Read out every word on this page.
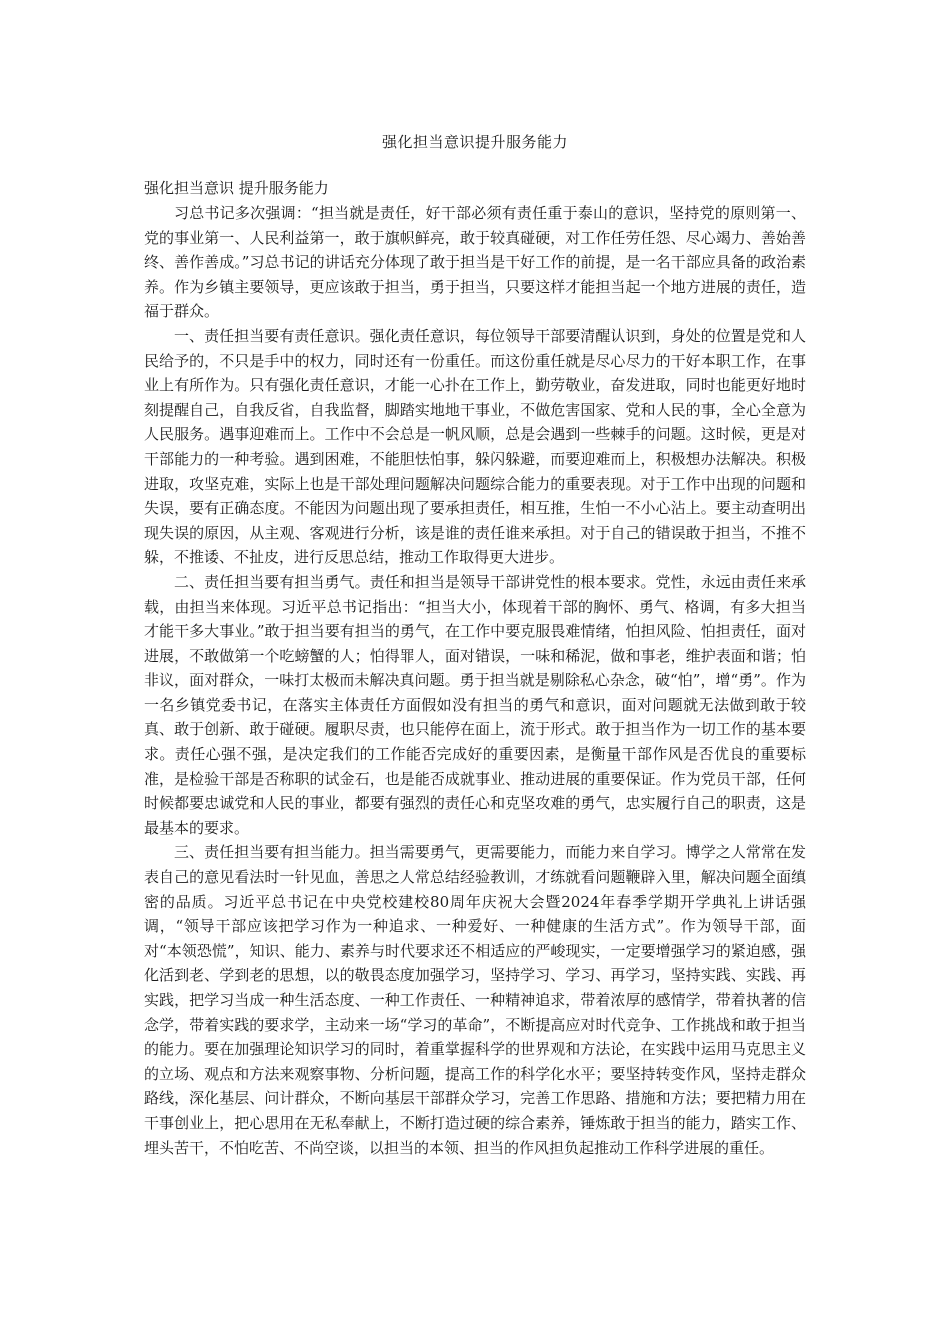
强化担当意识提升服务能力

强化担当意识 提升服务能力

习总书记多次强调：“担当就是责任，好干部必须有责任重于泰山的意识，坚持党的原则第一、党的事业第一、人民利益第一，敢于旗帜鲜亮，敢于较真碰硬，对工作任劳任怨、尽心竭力、善始善终、善作善成。”习总书记的讲话充分体现了敢于担当是干好工作的前提，是一名干部应具备的政治素养。作为乡镇主要领导，更应该敢于担当，勇于担当，只要这样才能担当起一个地方进展的责任，造福于群众。

一、责任担当要有责任意识。强化责任意识，每位领导干部要清醒认识到，身处的位置是党和人民给予的，不只是手中的权力，同时还有一份重任。而这份重任就是尽心尽力的干好本职工作，在事业上有所作为。只有强化责任意识，才能一心扑在工作上，勤劳敬业，奋发进取，同时也能更好地时刻提醒自己，自我反省，自我监督，脚踏实地地干事业，不做危害国家、党和人民的事，全心全意为人民服务。遇事迎难而上。工作中不会总是一帆风顺，总是会遇到一些棘手的问题。这时候，更是对干部能力的一种考验。遇到困难，不能胆怯怕事，躲闪躲避，而要迎难而上，积极想办法解决。积极进取，攻坚克难，实际上也是干部处理问题解决问题综合能力的重要表现。对于工作中出现的问题和失误，要有正确态度。不能因为问题出现了要承担责任，相互推，生怕一不小心沾上。要主动查明出现失误的原因，从主观、客观进行分析，该是谁的责任谁来承担。对于自己的错误敢于担当，不推不躲，不推诿、不扯皮，进行反思总结，推动工作取得更大进步。

二、责任担当要有担当勇气。责任和担当是领导干部讲党性的根本要求。党性，永远由责任来承载，由担当来体现。习近平总书记指出：“担当大小，体现着干部的胸怀、勇气、格调，有多大担当才能干多大事业。”敢于担当要有担当的勇气，在工作中要克服畏难情绪，怕担风险、怕担责任，面对进展，不敢做第一个吃螃蟹的人；怕得罪人，面对错误，一味和稀泥，做和事老，维护表面和谐；怕非议，面对群众，一味打太极而未解决真问题。勇于担当就是剔除私心杂念，破“怕”，增“勇”。作为一名乡镇党委书记，在落实主体责任方面假如没有担当的勇气和意识，面对问题就无法做到敢于较真、敢于创新、敢于碰硬。履职尽责，也只能停在面上，流于形式。敢于担当作为一切工作的基本要求。责任心强不强，是决定我们的工作能否完成好的重要因素，是衡量干部作风是否优良的重要标准，是检验干部是否称职的试金石，也是能否成就事业、推动进展的重要保证。作为党员干部，任何时候都要忠诚党和人民的事业，都要有强烈的责任心和克坚攻难的勇气，忠实履行自己的职责，这是最基本的要求。

三、责任担当要有担当能力。担当需要勇气，更需要能力，而能力来自学习。博学之人常常在发表自己的意见看法时一针见血，善思之人常总结经验教训，才练就看问题鞭辟入里，解决问题全面缜密的品质。习近平总书记在中央党校建校80周年庆祝大会暨2024年春季学期开学典礼上讲话强调，“领导干部应该把学习作为一种追求、一种爱好、一种健康的生活方式”。作为领导干部，面对“本领恐慌”，知识、能力、素养与时代要求还不相适应的严峻现实，一定要增强学习的紧迫感，强化活到老、学到老的思想，以的敬畏态度加强学习，坚持学习、学习、再学习，坚持实践、实践、再实践，把学习当成一种生活态度、一种工作责任、一种精神追求，带着浓厚的感情学，带着执著的信念学，带着实践的要求学，主动来一场“学习的革命”，不断提高应对时代竞争、工作挑战和敢于担当的能力。要在加强理论知识学习的同时，着重掌握科学的世界观和方法论，在实践中运用马克思主义的立场、观点和方法来观察事物、分析问题，提高工作的科学化水平；要坚持转变作风，坚持走群众路线，深化基层、问计群众，不断向基层干部群众学习，完善工作思路、措施和方法；要把精力用在干事创业上，把心思用在无私奉献上，不断打造过硬的综合素养，锤炼敢于担当的能力，踏实工作、埋头苦干，不怕吃苦、不尚空谈，以担当的本领、担当的作风担负起推动工作科学进展的重任。
